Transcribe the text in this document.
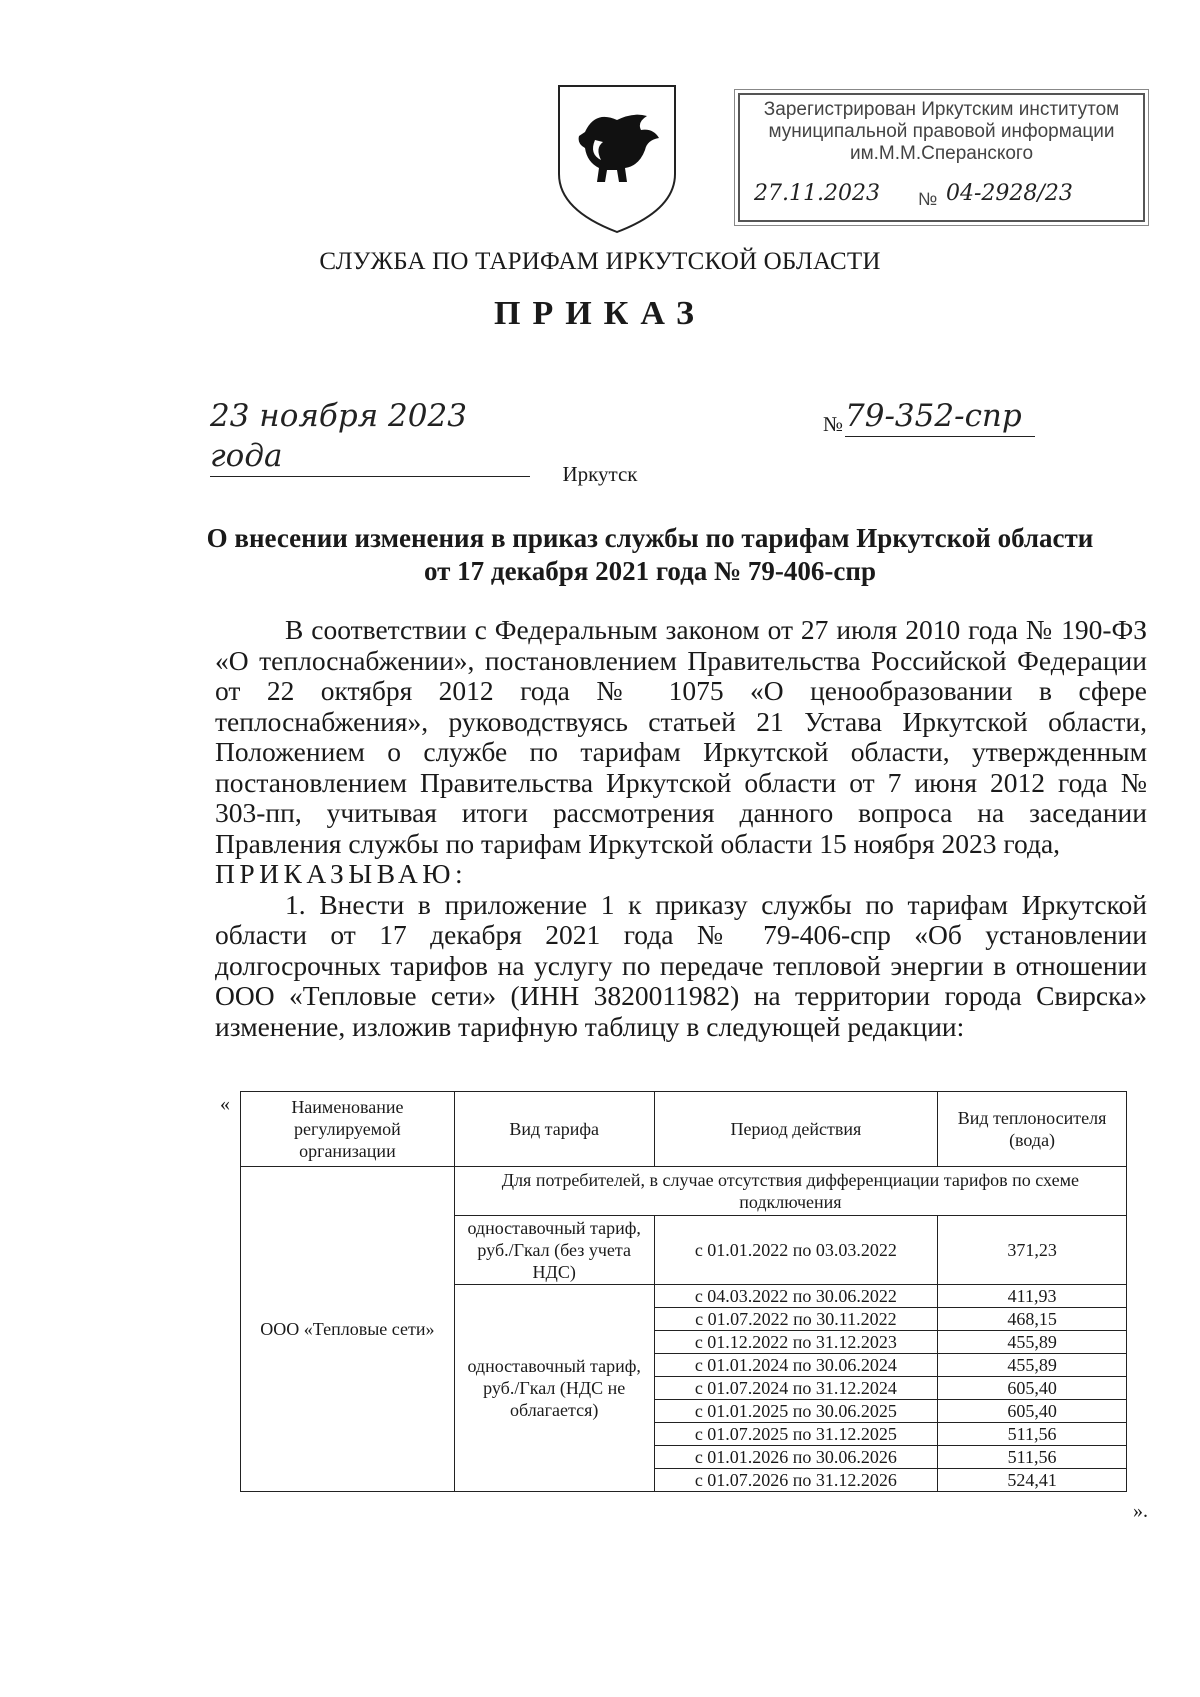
Зарегистрирован Иркутским институтом
муниципальной правовой информации
им.М.М.Сперанского
27.11.2023 № 04-2928/23
СЛУЖБА ПО ТАРИФАМ ИРКУТСКОЙ ОБЛАСТИ
ПРИКАЗ
23 ноября 2023 года
№ 79-352-спр
Иркутск
О внесении изменения в приказ службы по тарифам Иркутской области
от 17 декабря 2021 года № 79-406-спр

В соответствии с Федеральным законом от 27 июля 2010 года № 190-ФЗ «О теплоснабжении», постановлением Правительства Российской Федерации от 22 октября 2012 года № 1075 «О ценообразовании в сфере теплоснабжения», руководствуясь статьей 21 Устава Иркутской области, Положением о службе по тарифам Иркутской области, утвержденным постановлением Правительства Иркутской области от 7 июня 2012 года № 303-пп, учитывая итоги рассмотрения данного вопроса на заседании Правления службы по тарифам Иркутской области 15 ноября 2023 года,

ПРИКАЗЫВАЮ:

1. Внести в приложение 1 к приказу службы по тарифам Иркутской области от 17 декабря 2021 года № 79-406-спр «Об установлении долгосрочных тарифов на услугу по передаче тепловой энергии в отношении ООО «Тепловые сети» (ИНН 3820011982) на территории города Свирска» изменение, изложив тарифную таблицу в следующей редакции:

«	Наименование регулируемой организации	Вид тарифа	Период действия	Вид теплоносителя (вода)
ООО «Тепловые сети»	Для потребителей, в случае отсутствия дифференциации тарифов по схеме подключения		
	одноставочный тариф, руб./Гкал (без учета НДС)	с 01.01.2022 по 03.03.2022	371,23
	одноставочный тариф, руб./Гкал (НДС не облагается)	с 04.03.2022 по 30.06.2022	411,93
		с 01.07.2022 по 30.11.2022	468,15
		с 01.12.2022 по 31.12.2023	455,89
		с 01.01.2024 по 30.06.2024	455,89
		с 01.07.2024 по 31.12.2024	605,40
		с 01.01.2025 по 30.06.2025	605,40
		с 01.07.2025 по 31.12.2025	511,56
		с 01.01.2026 по 30.06.2026	511,56
		с 01.07.2026 по 31.12.2026	524,41
».
